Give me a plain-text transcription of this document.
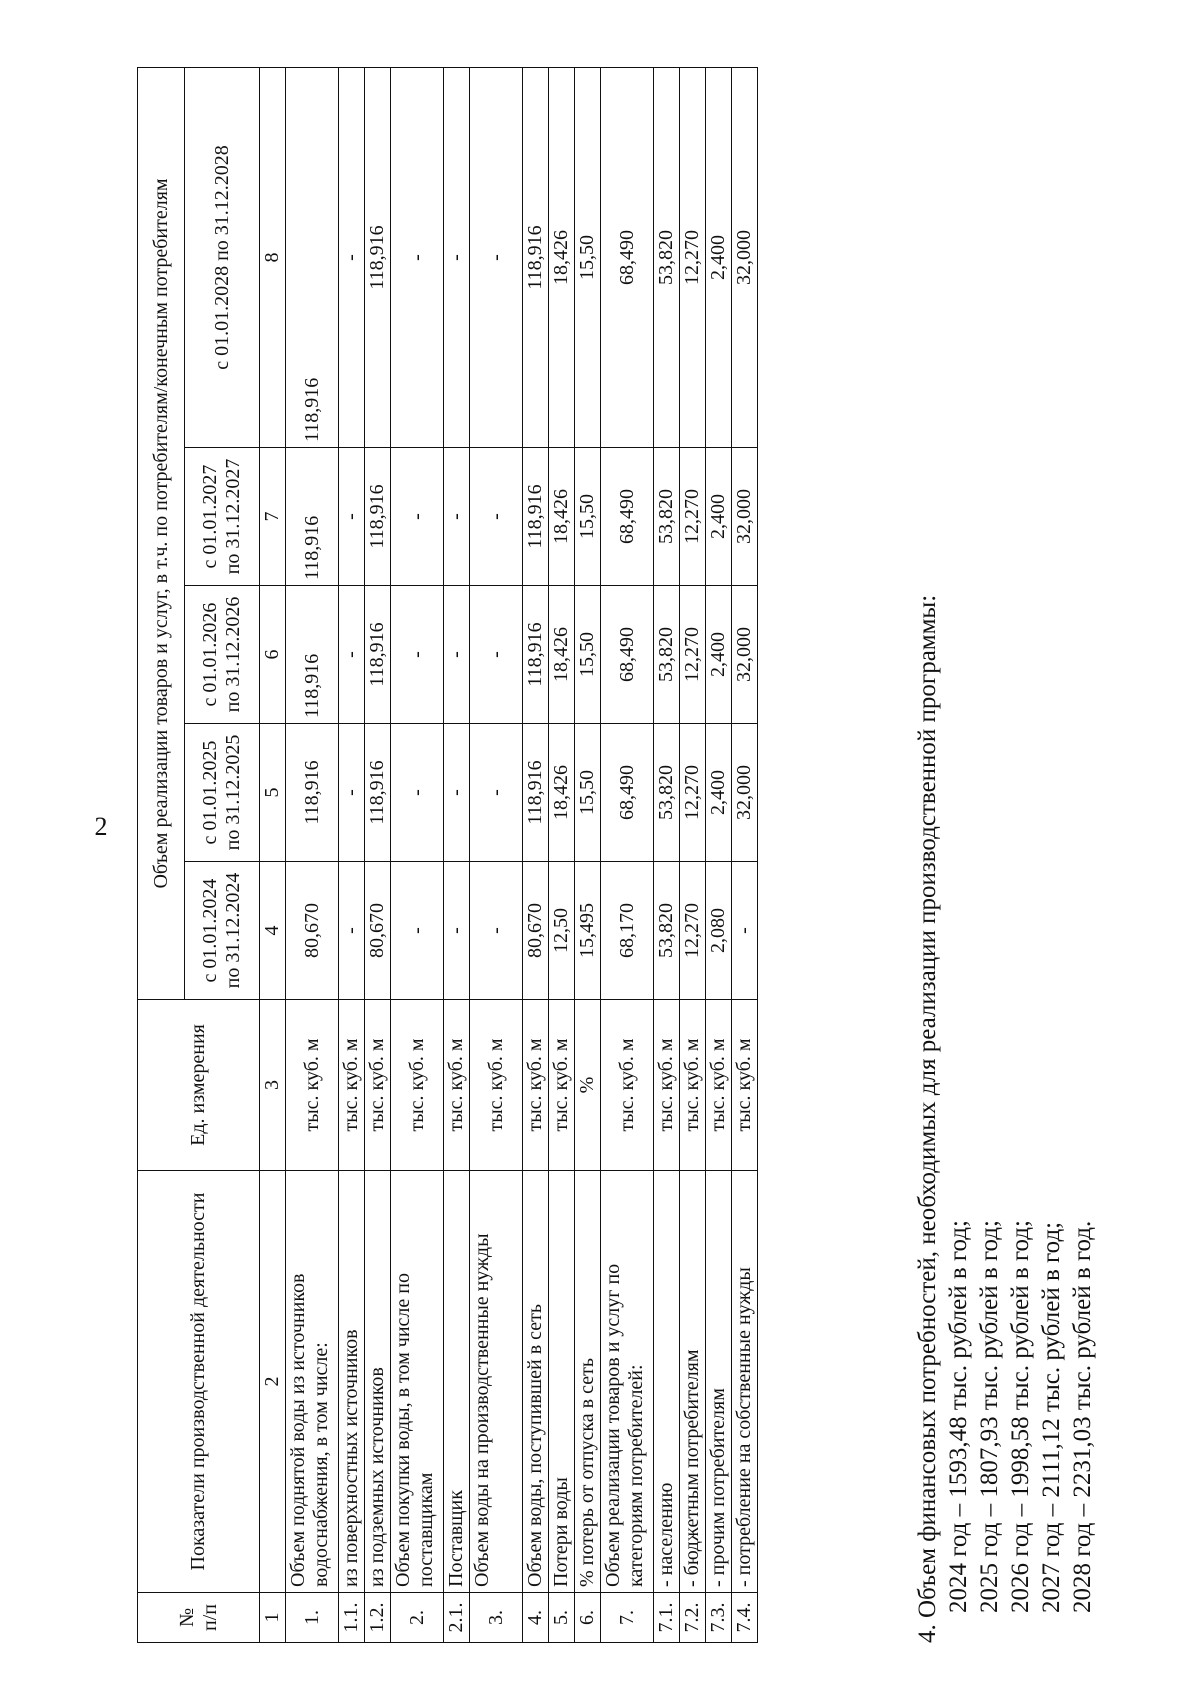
2
№ п/п	Показатели производственной деятельности	Ед. измерения	Объем реализации товаров и услуг, в т.ч. по потребителям/конечным потребителям				
			с 01.01.2024 по 31.12.2024	с 01.01.2025 по 31.12.2025	с 01.01.2026 по 31.12.2026	с 01.01.2027 по 31.12.2027	с 01.01.2028 по 31.12.2028
1	2	3	4	5	6	7	8
1.	Объем поднятой воды из источников водоснабжения, в том числе:	тыс. куб. м	80,670	118,916	118,916	118,916	118,916
1.1.	из поверхностных источников	тыс. куб. м	-	-	-	-	-
1.2.	из подземных источников	тыс. куб. м	80,670	118,916	118,916	118,916	118,916
2.	Объем покупки воды, в том числе по поставщикам	тыс. куб. м	-	-	-	-	-
2.1.	Поставщик	тыс. куб. м	-	-	-	-	-
3.	Объем воды на производственные нужды	тыс. куб. м	-	-	-	-	-
4.	Объем воды, поступившей в сеть	тыс. куб. м	80,670	118,916	118,916	118,916	118,916
5.	Потери воды	тыс. куб. м	12,50	18,426	18,426	18,426	18,426
6.	% потерь от отпуска в сеть	%	15,495	15,50	15,50	15,50	15,50
7.	Объем реализации товаров и услуг по категориям потребителей:	тыс. куб. м	68,170	68,490	68,490	68,490	68,490
7.1.	- населению	тыс. куб. м	53,820	53,820	53,820	53,820	53,820
7.2.	- бюджетным потребителям	тыс. куб. м	12,270	12,270	12,270	12,270	12,270
7.3.	- прочим потребителям	тыс. куб. м	2,080	2,400	2,400	2,400	2,400
7.4.	- потребление на собственные нужды	тыс. куб. м	-	32,000	32,000	32,000	32,000
4. Объем финансовых потребностей, необходимых для реализации производственной программы: 2024 год – 1593,48 тыс. рублей в год; 2025 год – 1807,93 тыс. рублей в год; 2026 год – 1998,58 тыс. рублей в год; 2027 год – 2111,12 тыс. рублей в год; 2028 год – 2231,03 тыс. рублей в год.
